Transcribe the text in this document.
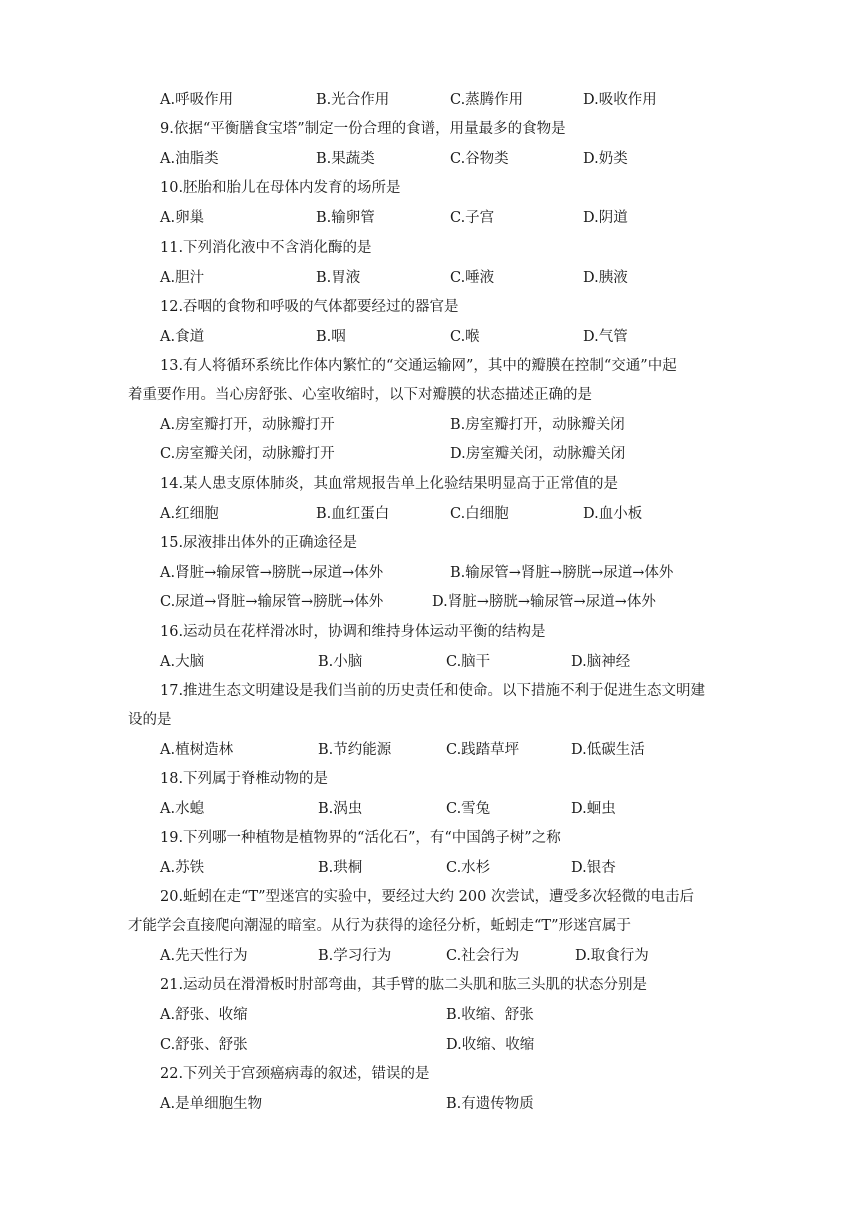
A.呼吸作用	B.光合作用	C.蒸腾作用	D.吸收作用
9.依据“平衡膳食宝塔”制定一份合理的食谱，用量最多的食物是
A.油脂类	B.果蔬类	C.谷物类	D.奶类
10.胚胎和胎儿在母体内发育的场所是
A.卵巢	B.输卵管	C.子宫	D.阴道
11.下列消化液中不含消化酶的是
A.胆汁	B.胃液	C.唾液	D.胰液
12.吞咽的食物和呼吸的气体都要经过的器官是
A.食道	B.咽	C.喉	D.气管
13.有人将循环系统比作体内繁忙的“交通运输网”，其中的瓣膜在控制“交通”中起
着重要作用。当心房舒张、心室收缩时，以下对瓣膜的状态描述正确的是
A.房室瓣打开，动脉瓣打开	B.房室瓣打开，动脉瓣关闭
C.房室瓣关闭，动脉瓣打开	D.房室瓣关闭，动脉瓣关闭
14.某人患支原体肺炎，其血常规报告单上化验结果明显高于正常值的是
A.红细胞	B.血红蛋白	C.白细胞	D.血小板
15.尿液排出体外的正确途径是
A.肾脏→输尿管→膀胱→尿道→体外	B.输尿管→肾脏→膀胱→尿道→体外
C.尿道→肾脏→输尿管→膀胱→体外	D.肾脏→膀胱→输尿管→尿道→体外
16.运动员在花样滑冰时，协调和维持身体运动平衡的结构是
A.大脑	B.小脑	C.脑干	D.脑神经
17.推进生态文明建设是我们当前的历史责任和使命。以下措施不利于促进生态文明建
设的是
A.植树造林	B.节约能源	C.践踏草坪	D.低碳生活
18.下列属于脊椎动物的是
A.水螅	B.涡虫	C.雪兔	D.蛔虫
19.下列哪一种植物是植物界的“活化石”，有“中国鸽子树”之称
A.苏铁	B.珙桐	C.水杉	D.银杏
20.蚯蚓在走“T”型迷宫的实验中，要经过大约 200 次尝试，遭受多次轻微的电击后
才能学会直接爬向潮湿的暗室。从行为获得的途径分析，蚯蚓走“T”形迷宫属于
A.先天性行为	B.学习行为	C.社会行为	D.取食行为
21.运动员在滑滑板时肘部弯曲，其手臂的肱二头肌和肱三头肌的状态分别是
A.舒张、收缩	B.收缩、舒张
C.舒张、舒张	D.收缩、收缩
22.下列关于宫颈癌病毒的叙述，错误的是
A.是单细胞生物	B.有遗传物质
